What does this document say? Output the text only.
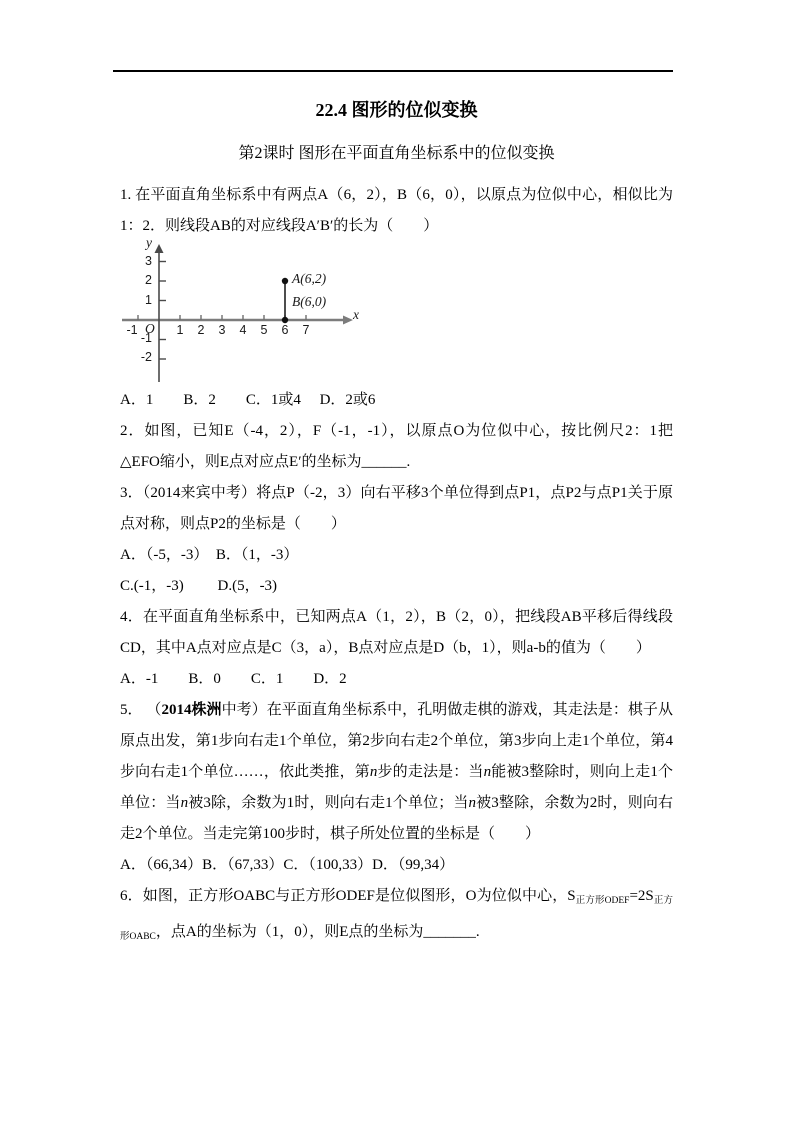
22.4 图形的位似变换
第2课时 图形在平面直角坐标系中的位似变换

1. 在平面直角坐标系中有两点A（6，2），B（6，0），以原点为位似中心，相似比为1：2．则线段AB的对应线段A′B′的长为（　　）

y
x
O
3
2
1
-1
-2
-1	1	2	3	4	5	6	7
A(6,2)
B(6,0)

A．1　　B．2　　C．1或4　 D．2或6

2．如图，已知E（-4，2），F（-1，-1），以原点O为位似中心，按比例尺2：1把△EFO缩小，则E点对应点E′的坐标为______.

3．（2014来宾中考）将点P（-2，3）向右平移3个单位得到点P1，点P2与点P1关于原点对称，则点P2的坐标是（　　）

A．（-5，-3）　B．（1，-3）

C.(-1，-3)　　 D.(5，-3)

4．在平面直角坐标系中，已知两点A（1，2），B（2，0），把线段AB平移后得线段CD，其中A点对应点是C（3，a），B点对应点是D（b，1），则a-b的值为（　　）

A．-1　　B．0　　C．1　　D．2

5． （2014株洲中考）在平面直角坐标系中，孔明做走棋的游戏，其走法是：棋子从原点出发，第1步向右走1个单位，第2步向右走2个单位，第3步向上走1个单位，第4步向右走1个单位……，依此类推，第n步的走法是：当n能被3整除时，则向上走1个单位：当n被3除，余数为1时，则向右走1个单位；当n被3整除，余数为2时，则向右走2个单位。当走完第100步时，棋子所处位置的坐标是（　　）

A．（66,34）B．（67,33）C．（100,33）D．（99,34）

6．如图，正方形OABC与正方形ODEF是位似图形，O为位似中心，$S_{正方形ODEF}=2S_{正方形OABC}$，点A的坐标为（1，0），则E点的坐标为_______.
